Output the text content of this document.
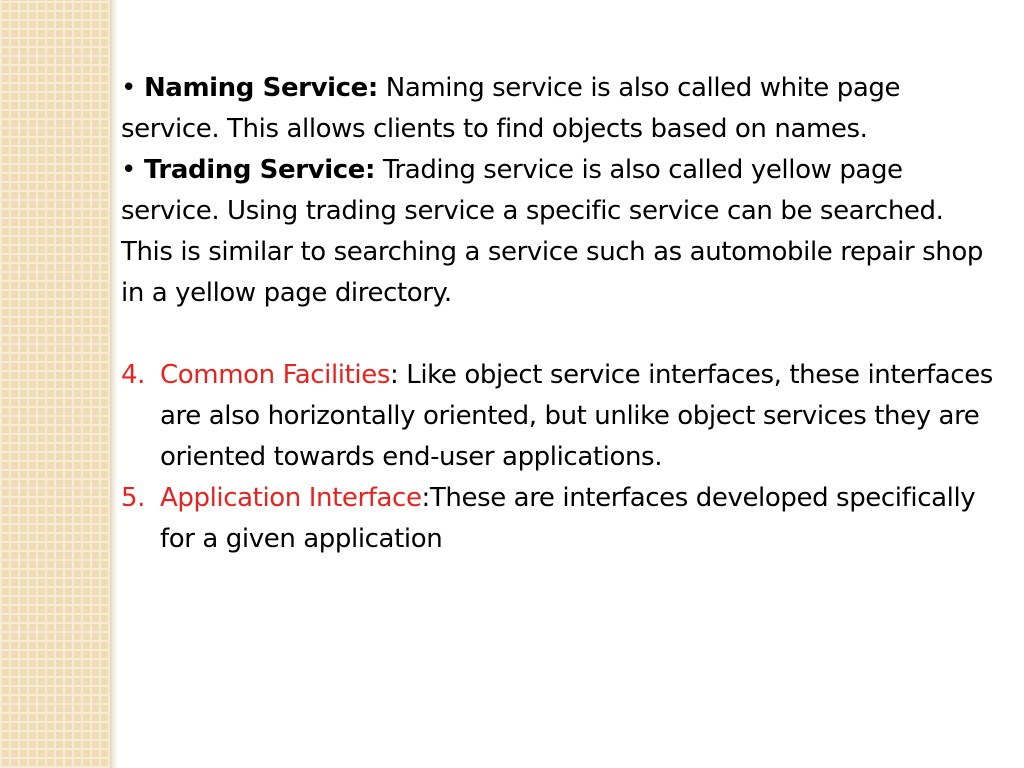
• Naming Service: Naming service is also called white page service. This allows clients to find objects based on names.

• Trading Service: Trading service is also called yellow page service. Using trading service a specific service can be searched. This is similar to searching a service such as automobile repair shop in a yellow page directory.

4. Common Facilities: Like object service interfaces, these interfaces are also horizontally oriented, but unlike object services they are oriented towards end-user applications.

5. Application Interface:These are interfaces developed specifically for a given application
